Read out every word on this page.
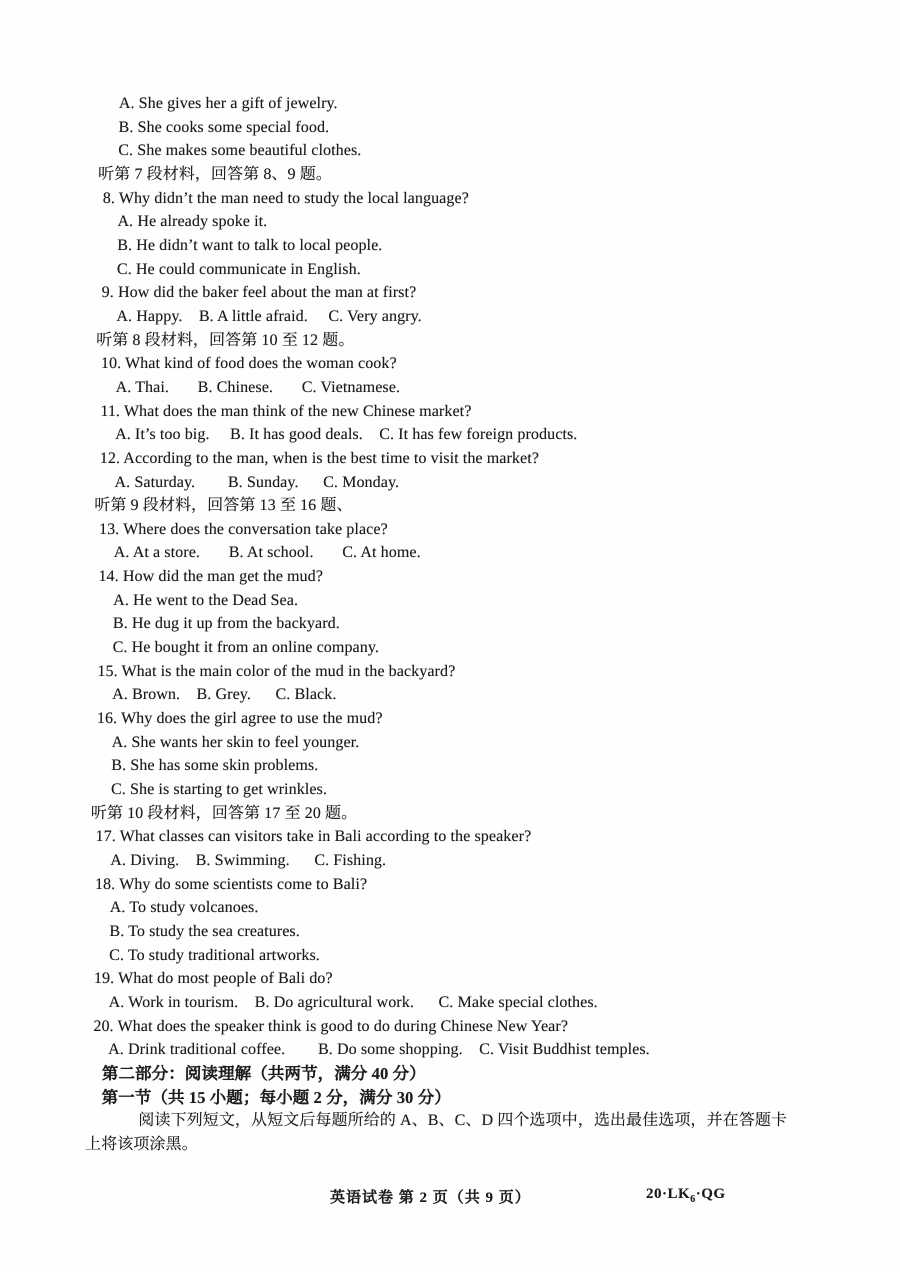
A. She gives her a gift of jewelry.
B. She cooks some special food.
C. She makes some beautiful clothes.
听第 7 段材料，回答第 8、9 题。
8. Why didn’t the man need to study the local language?
A. He already spoke it.
B. He didn’t want to talk to local people.
C. He could communicate in English.
9. How did the baker feel about the man at first?
A. Happy.    B. A little afraid.     C. Very angry.
听第 8 段材料，回答第 10 至 12 题。
10. What kind of food does the woman cook?
A. Thai.       B. Chinese.       C. Vietnamese.
11. What does the man think of the new Chinese market?
A. It’s too big.     B. It has good deals.    C. It has few foreign products.
12. According to the man, when is the best time to visit the market?
A. Saturday.        B. Sunday.      C. Monday.
听第 9 段材料，回答第 13 至 16 题、
13. Where does the conversation take place?
A. At a store.       B. At school.       C. At home.
14. How did the man get the mud?
A. He went to the Dead Sea.
B. He dug it up from the backyard.
C. He bought it from an online company.
15. What is the main color of the mud in the backyard?
A. Brown.    B. Grey.      C. Black.
16. Why does the girl agree to use the mud?
A. She wants her skin to feel younger.
B. She has some skin problems.
C. She is starting to get wrinkles.
听第 10 段材料，回答第 17 至 20 题。
17. What classes can visitors take in Bali according to the speaker?
A. Diving.    B. Swimming.      C. Fishing.
18. Why do some scientists come to Bali?
A. To study volcanoes.
B. To study the sea creatures.
C. To study traditional artworks.
19. What do most people of Bali do?
A. Work in tourism.    B. Do agricultural work.      C. Make special clothes.
20. What does the speaker think is good to do during Chinese New Year?
A. Drink traditional coffee.        B. Do some shopping.    C. Visit Buddhist temples.
第二部分：阅读理解（共两节，满分 40 分）
第一节（共 15 小题；每小题 2 分，满分 30 分）
阅读下列短文，从短文后每题所给的 A、B、C、D 四个选项中，选出最佳选项，并在答题卡
上将该项涂黑。
英语试卷 第 2 页（共 9 页）	$20\cdot LK_6\cdot QG$
